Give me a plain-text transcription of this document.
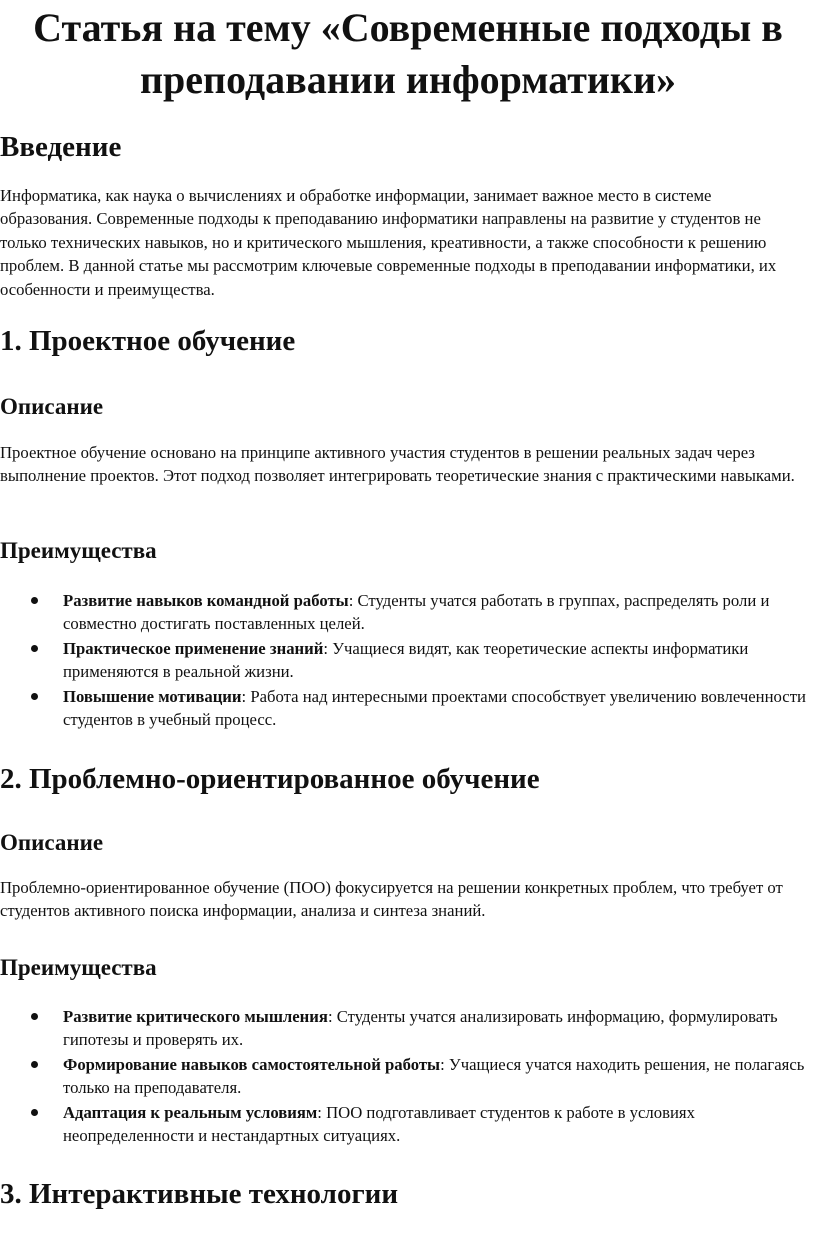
Статья на тему «Современные подходы в преподавании информатики»
Введение

Информатика, как наука о вычислениях и обработке информации, занимает важное место в системе образования. Современные подходы к преподаванию информатики направлены на развитие у студентов не только технических навыков, но и критического мышления, креативности, а также способности к решению проблем. В данной статье мы рассмотрим ключевые современные подходы в преподавании информатики, их особенности и преимущества.

1. Проектное обучение
Описание

Проектное обучение основано на принципе активного участия студентов в решении реальных задач через выполнение проектов. Этот подход позволяет интегрировать теоретические знания с практическими навыками.

Преимущества
Развитие навыков командной работы: Студенты учатся работать в группах, распределять роли и совместно достигать поставленных целей.
Практическое применение знаний: Учащиеся видят, как теоретические аспекты информатики применяются в реальной жизни.
Повышение мотивации: Работа над интересными проектами способствует увеличению вовлеченности студентов в учебный процесс.
2. Проблемно-ориентированное обучение
Описание

Проблемно-ориентированное обучение (ПОО) фокусируется на решении конкретных проблем, что требует от студентов активного поиска информации, анализа и синтеза знаний.

Преимущества
Развитие критического мышления: Студенты учатся анализировать информацию, формулировать гипотезы и проверять их.
Формирование навыков самостоятельной работы: Учащиеся учатся находить решения, не полагаясь только на преподавателя.
Адаптация к реальным условиям: ПОО подготавливает студентов к работе в условиях неопределенности и нестандартных ситуациях.
3. Интерактивные технологии
